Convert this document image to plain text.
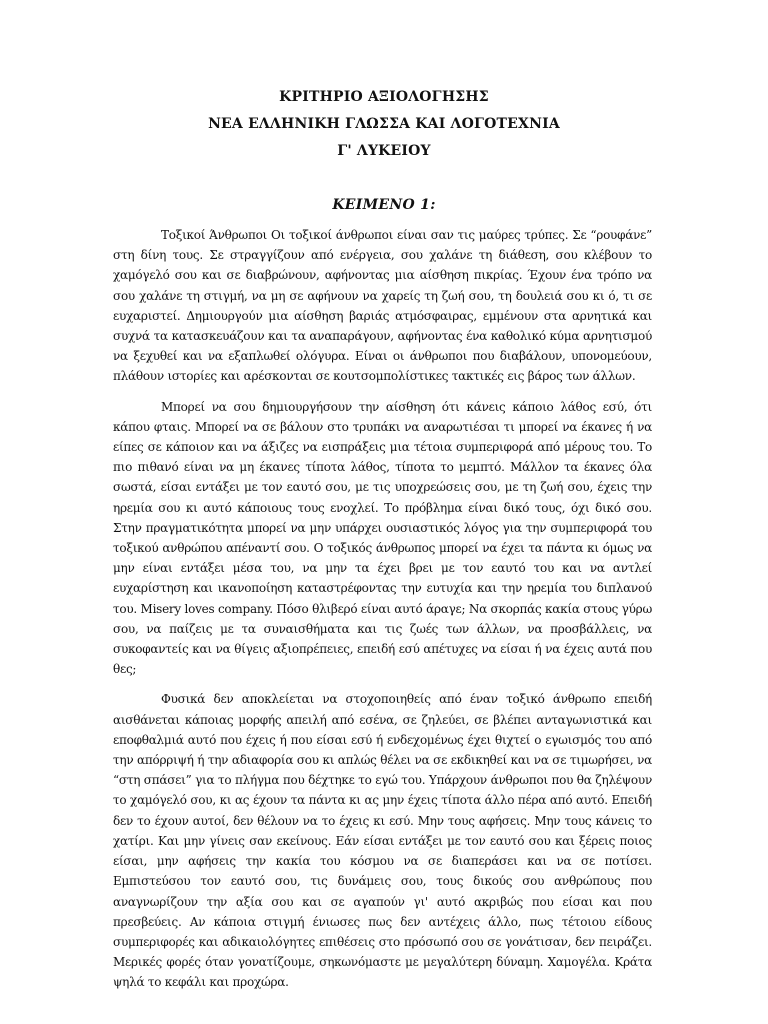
ΚΡΙΤΗΡΙΟ ΑΞΙΟΛΟΓΗΣΗΣ
ΝΕΑ ΕΛΛΗΝΙΚΗ ΓΛΩΣΣΑ ΚΑΙ ΛΟΓΟΤΕΧΝΙΑ
Γ' ΛΥΚΕΙΟΥ
ΚΕΙΜΕΝΟ 1:

Τοξικοί Άνθρωποι Οι τοξικοί άνθρωποι είναι σαν τις μαύρες τρύπες. Σε “ρουφάνε” στη δίνη τους. Σε στραγγίζουν από ενέργεια, σου χαλάνε τη διάθεση, σου κλέβουν το χαμόγελό σου και σε διαβρώνουν, αφήνοντας μια αίσθηση πικρίας. Έχουν ένα τρόπο να σου χαλάνε τη στιγμή, να μη σε αφήνουν να χαρείς τη ζωή σου, τη δουλειά σου κι ό, τι σε ευχαριστεί. Δημιουργούν μια αίσθηση βαριάς ατμόσφαιρας, εμμένουν στα αρνητικά και συχνά τα κατασκευάζουν και τα αναπαράγουν, αφήνοντας ένα καθολικό κύμα αρνητισμού να ξεχυθεί και να εξαπλωθεί ολόγυρα. Είναι οι άνθρωποι που διαβάλουν, υπονομεύουν, πλάθουν ιστορίες και αρέσκονται σε κουτσομπολίστικες τακτικές εις βάρος των άλλων.

Μπορεί να σου δημιουργήσουν την αίσθηση ότι κάνεις κάποιο λάθος εσύ, ότι κάπου φταις. Μπορεί να σε βάλουν στο τρυπάκι να αναρωτιέσαι τι μπορεί να έκανες ή να είπες σε κάποιον και να άξιζες να εισπράξεις μια τέτοια συμπεριφορά από μέρους του. Το πιο πιθανό είναι να μη έκανες τίποτα λάθος, τίποτα το μεμπτό. Μάλλον τα έκανες όλα σωστά, είσαι εντάξει με τον εαυτό σου, με τις υποχρεώσεις σου, με τη ζωή σου, έχεις την ηρεμία σου κι αυτό κάποιους τους ενοχλεί. Το πρόβλημα είναι δικό τους, όχι δικό σου. Στην πραγματικότητα μπορεί να μην υπάρχει ουσιαστικός λόγος για την συμπεριφορά του τοξικού ανθρώπου απέναντί σου. Ο τοξικός άνθρωπος μπορεί να έχει τα πάντα κι όμως να μην είναι εντάξει μέσα του, να μην τα έχει βρει με τον εαυτό του και να αντλεί ευχαρίστηση και ικανοποίηση καταστρέφοντας την ευτυχία και την ηρεμία του διπλανού του. Misery loves company. Πόσο θλιβερό είναι αυτό άραγε; Να σκορπάς κακία στους γύρω σου, να παίζεις με τα συναισθήματα και τις ζωές των άλλων, να προσβάλλεις, να συκοφαντείς και να θίγεις αξιοπρέπειες, επειδή εσύ απέτυχες να είσαι ή να έχεις αυτά που θες;

Φυσικά δεν αποκλείεται να στοχοποιηθείς από έναν τοξικό άνθρωπο επειδή αισθάνεται κάποιας μορφής απειλή από εσένα, σε ζηλεύει, σε βλέπει ανταγωνιστικά και εποφθαλμιά αυτό που έχεις ή που είσαι εσύ ή ενδεχομένως έχει θιχτεί ο εγωισμός του από την απόρριψή ή την αδιαφορία σου κι απλώς θέλει να σε εκδικηθεί και να σε τιμωρήσει, να “στη σπάσει” για το πλήγμα που δέχτηκε το εγώ του. Υπάρχουν άνθρωποι που θα ζηλέψουν το χαμόγελό σου, κι ας έχουν τα πάντα κι ας μην έχεις τίποτα άλλο πέρα από αυτό. Επειδή δεν το έχουν αυτοί, δεν θέλουν να το έχεις κι εσύ. Μην τους αφήσεις. Μην τους κάνεις το χατίρι. Και μην γίνεις σαν εκείνους. Εάν είσαι εντάξει με τον εαυτό σου και ξέρεις ποιος είσαι, μην αφήσεις την κακία του κόσμου να σε διαπεράσει και να σε ποτίσει. Εμπιστεύσου τον εαυτό σου, τις δυνάμεις σου, τους δικούς σου ανθρώπους που αναγνωρίζουν την αξία σου και σε αγαπούν γι' αυτό ακριβώς που είσαι και που πρεσβεύεις. Αν κάποια στιγμή ένιωσες πως δεν αντέχεις άλλο, πως τέτοιου είδους συμπεριφορές και αδικαιολόγητες επιθέσεις στο πρόσωπό σου σε γονάτισαν, δεν πειράζει. Μερικές φορές όταν γονατίζουμε, σηκωνόμαστε με μεγαλύτερη δύναμη. Χαμογέλα. Κράτα ψηλά το κεφάλι και προχώρα.
